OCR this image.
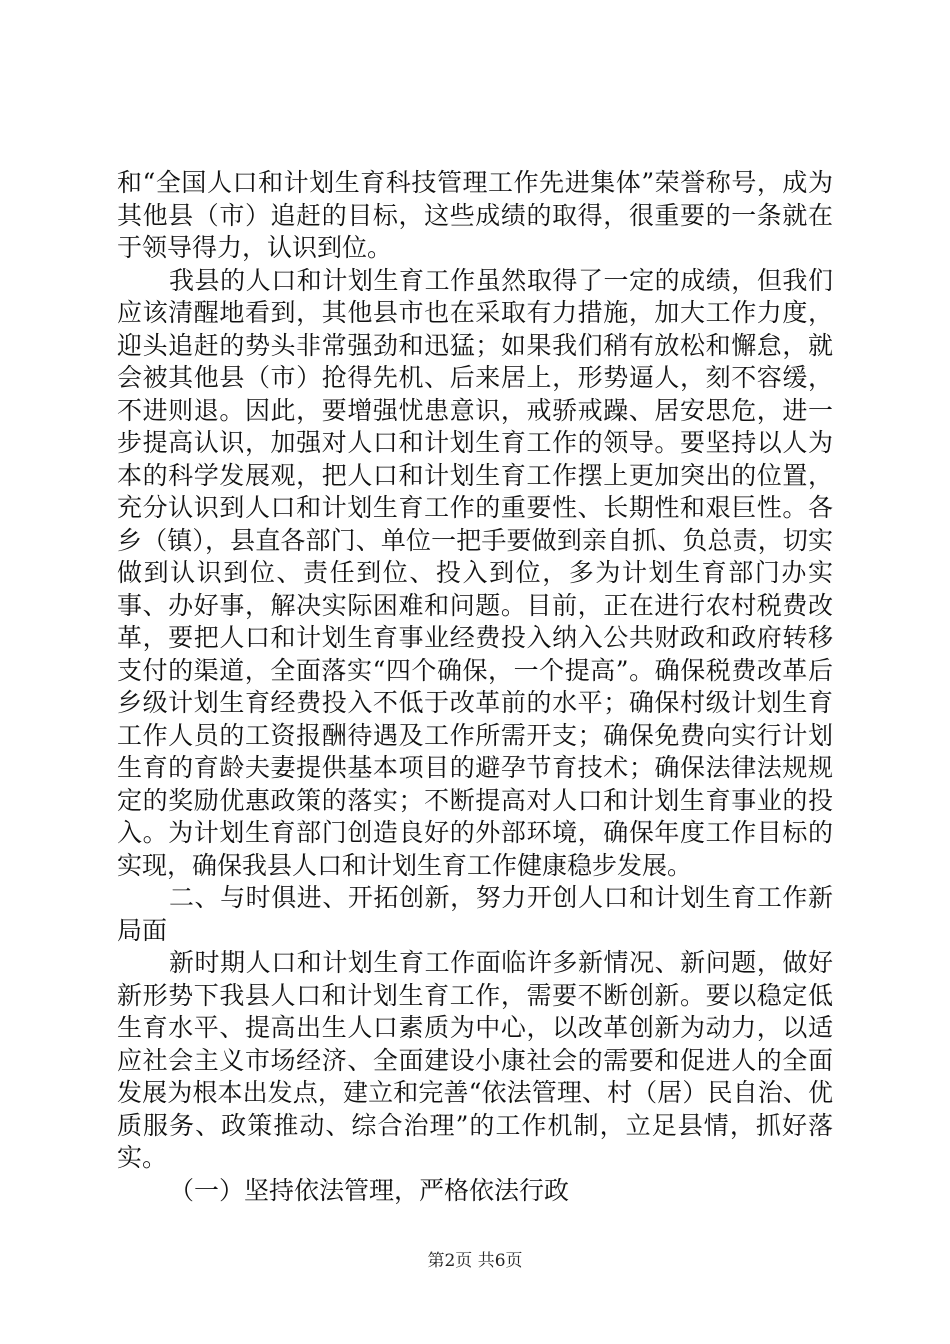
和“全国人口和计划生育科技管理工作先进集体”荣誉称号，成为其他县（市）追赶的目标，这些成绩的取得，很重要的一条就在于领导得力，认识到位。

我县的人口和计划生育工作虽然取得了一定的成绩，但我们应该清醒地看到，其他县市也在采取有力措施，加大工作力度，迎头追赶的势头非常强劲和迅猛；如果我们稍有放松和懈怠，就会被其他县（市）抢得先机、后来居上，形势逼人，刻不容缓，不进则退。因此，要增强忧患意识，戒骄戒躁、居安思危，进一步提高认识，加强对人口和计划生育工作的领导。要坚持以人为本的科学发展观，把人口和计划生育工作摆上更加突出的位置，充分认识到人口和计划生育工作的重要性、长期性和艰巨性。各乡（镇），县直各部门、单位一把手要做到亲自抓、负总责，切实做到认识到位、责任到位、投入到位，多为计划生育部门办实事、办好事，解决实际困难和问题。目前，正在进行农村税费改革，要把人口和计划生育事业经费投入纳入公共财政和政府转移支付的渠道，全面落实“四个确保，一个提高”。确保税费改革后乡级计划生育经费投入不低于改革前的水平；确保村级计划生育工作人员的工资报酬待遇及工作所需开支；确保免费向实行计划生育的育龄夫妻提供基本项目的避孕节育技术；确保法律法规规定的奖励优惠政策的落实；不断提高对人口和计划生育事业的投入。为计划生育部门创造良好的外部环境，确保年度工作目标的实现，确保我县人口和计划生育工作健康稳步发展。

二、与时俱进、开拓创新，努力开创人口和计划生育工作新局面

新时期人口和计划生育工作面临许多新情况、新问题，做好新形势下我县人口和计划生育工作，需要不断创新。要以稳定低生育水平、提高出生人口素质为中心，以改革创新为动力，以适应社会主义市场经济、全面建设小康社会的需要和促进人的全面发展为根本出发点，建立和完善“依法管理、村（居）民自治、优质服务、政策推动、综合治理”的工作机制，立足县情，抓好落实。

（一）坚持依法管理，严格依法行政

第2页 共6页
